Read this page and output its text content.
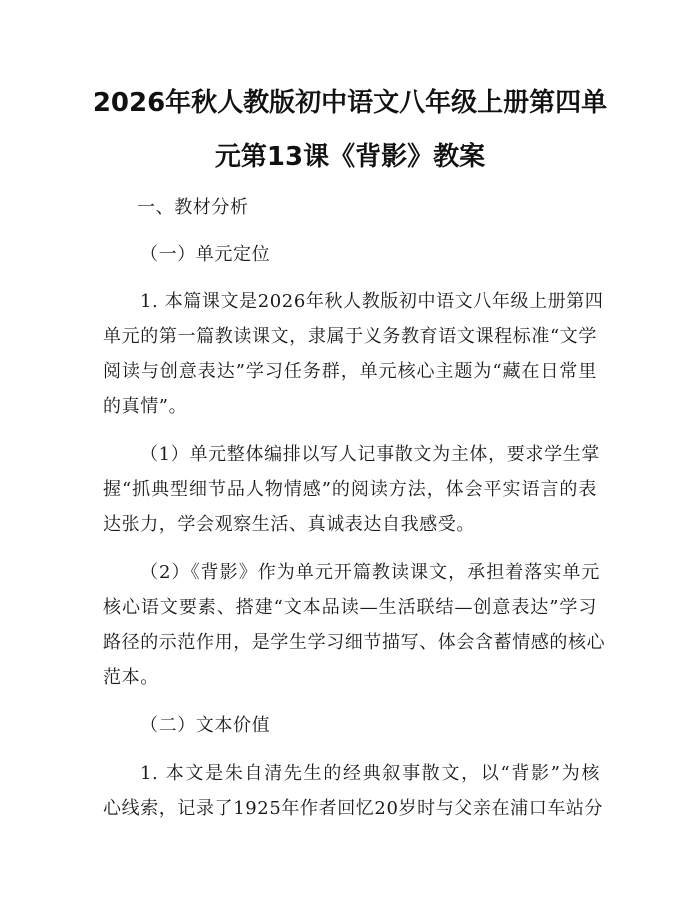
2026年秋人教版初中语文八年级上册第四单
元第13课《背影》教案

一、教材分析

（一）单元定位

1. 本篇课文是2026年秋人教版初中语文八年级上册第四

单元的第一篇教读课文，隶属于义务教育语文课程标准“文学

阅读与创意表达”学习任务群，单元核心主题为“藏在日常里

的真情”。

（1）单元整体编排以写人记事散文为主体，要求学生掌

握“抓典型细节品人物情感”的阅读方法，体会平实语言的表

达张力，学会观察生活、真诚表达自我感受。

（2）《背影》作为单元开篇教读课文，承担着落实单元

核心语文要素、搭建“文本品读—生活联结—创意表达”学习

路径的示范作用，是学生学习细节描写、体会含蓄情感的核心

范本。

（二）文本价值

1. 本文是朱自清先生的经典叙事散文，以“背影”为核

心线索，记录了1925年作者回忆20岁时与父亲在浦口车站分
